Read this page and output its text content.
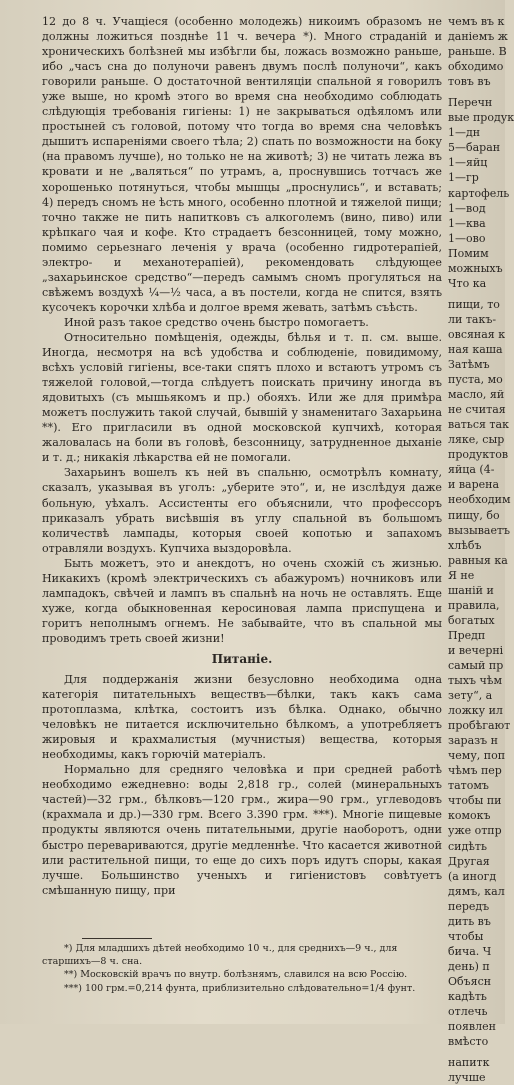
12 до 8 ч. Учащiеся (особенно молодежь) никоимъ образомъ не должны ложиться позднѣе 11 ч. вечера *). Много страданiй и хроническихъ болѣзней мы избѣгли бы, ложась возможно раньше, ибо „часъ сна до полуночи равенъ двумъ послѣ полуночи“, какъ говорили раньше. О достаточной вентиляцiи спальной я говорилъ уже выше, но кромѣ этого во время сна необходимо соблюдать слѣдующiя требованiя гигiены: 1) не закрываться одѣяломъ или простыней съ головой, потому что тогда во время сна человѣкъ дышитъ испаренiями своего тѣла; 2) спать по возможности на боку (на правомъ лучше), но только не на животѣ; 3) не читать лежа въ кровати и не „валяться“ по утрамъ, а, проснувшись тотчасъ же хорошенько потянуться, чтобы мышцы „проснулись“, и вставать; 4) передъ сномъ не ѣсть много, особенно плотной и тяжелой пищи; точно также не пить напитковъ съ алкоголемъ (вино, пиво) или крѣпкаго чая и кофе. Кто страдаетъ безсонницей, тому можно, помимо серьезнаго леченiя у врача (особенно гидротерапiей, электро- и механотерапiей), рекомендовать слѣдующее „захарьинское средство“—передъ самымъ сномъ прогуляться на свѣжемъ воздухѣ ¼—½ часа, а въ постели, когда не спится, взять кусочекъ корочки хлѣба и долгое время жевать, затѣмъ съѣсть.

Иной разъ такое средство очень быстро помогаетъ.

Относительно помѣщенiя, одежды, бѣлья и т. п. см. выше. Иногда, несмотря на всѣ удобства и соблюденiе, повидимому, всѣхъ условiй гигiены, все-таки спятъ плохо и встаютъ утромъ съ тяжелой головой,—тогда слѣдуетъ поискать причину иногда въ ядовитыхъ (съ мышьякомъ и пр.) обояхъ. Или же для примѣра можетъ послужить такой случай, бывшiй у знаменитаго Захарьина **). Его пригласили въ одной московской купчихѣ, которая жаловалась на боли въ головѣ, безсонницу, затрудненное дыханiе и т. д.; никакiя лѣкарства ей не помогали.

Захарьинъ вошелъ къ ней въ спальню, осмотрѣлъ комнату, сказалъ, указывая въ уголъ: „уберите это“, и, не изслѣдуя даже больную, уѣхалъ. Ассистенты его объяснили, что профессоръ приказалъ убрать висѣвшiя въ углу спальной въ большомъ количествѣ лампады, которыя своей копотью и запахомъ отравляли воздухъ. Купчиха выздоровѣла.

Быть можетъ, это и анекдотъ, но очень схожiй съ жизнью. Никакихъ (кромѣ электрическихъ съ абажуромъ) ночниковъ или лампадокъ, свѣчей и лампъ въ спальнѣ на ночь не оставлять. Еще хуже, когда обыкновенная керосиновая лампа приспущена и горитъ неполнымъ огнемъ. Не забывайте, что въ спальной мы проводимъ треть своей жизни!

Питанiе.

Для поддержанiя жизни безусловно необходима одна категорiя питательныхъ веществъ—бѣлки, такъ какъ сама протоплазма, клѣтка, состоитъ изъ бѣлка. Однако, обычно человѣкъ не питается исключительно бѣлкомъ, а употребляетъ жировыя и крахмалистыя (мучнистыя) вещества, которыя необходимы, какъ горючiй матерiалъ.

Нормально для средняго человѣка и при средней работѣ необходимо ежедневно: воды 2,818 гр., солей (минеральныхъ частей)—32 грм., бѣлковъ—120 грм., жира—90 грм., углеводовъ (крахмала и др.)—330 грм. Всего 3.390 грм. ***). Многiе пищевые продукты являются очень питательными, другiе наоборотъ, одни быстро перевариваются, другiе медленнѣе. Что касается животной или растительной пищи, то еще до сихъ поръ идутъ споры, какая лучше. Большинство ученыхъ и гигiенистовъ совѣтуетъ смѣшанную пищу, при

*) Для младшихъ дѣтей необходимо 10 ч., для среднихъ—9 ч., для старшихъ—8 ч. сна.
**) Московскiй врачъ по внутр. болѣзнямъ, славился на всю Россiю.
***) 100 грм.=0,214 фунта, приблизительно слѣдовательно=1/4 фунт.
чемъ въ к
даніемъ ж
раньше. В
обходимо
товъ въ
Перечн
вые продук
1—дн
5—баран
1—яйц
1—гр
картофель
1—вод
1—ква
1—ово
Помим
можныхъ
Что ка
пищи, то
ли такъ-
овсяная к
ная каша
Затѣмъ
пуста, мо
масло, яй
не считая
ваться так
ляке, сыр
продуктов
яйца (4-
и варена
необходим
пищу, бо
вызываетъ
хлѣбъ
равныя ка
Я не
шаній и
правила,
богатых
Предп
и вечерні
самый пр
тыхъ чѣм
зету“, а
ложку ил
пробѣгают
заразъ н
чему, поп
чѣмъ пер
татомъ
чтобы пи
комокъ
уже отпр
сидѣть
Другая
(а иногд
дямъ, кал
передъ
дить въ
чтобы
бича. Ч
день) п
Объясн
кадѣть
отлечь
появлен
вмѣсто
напитк
лучше
